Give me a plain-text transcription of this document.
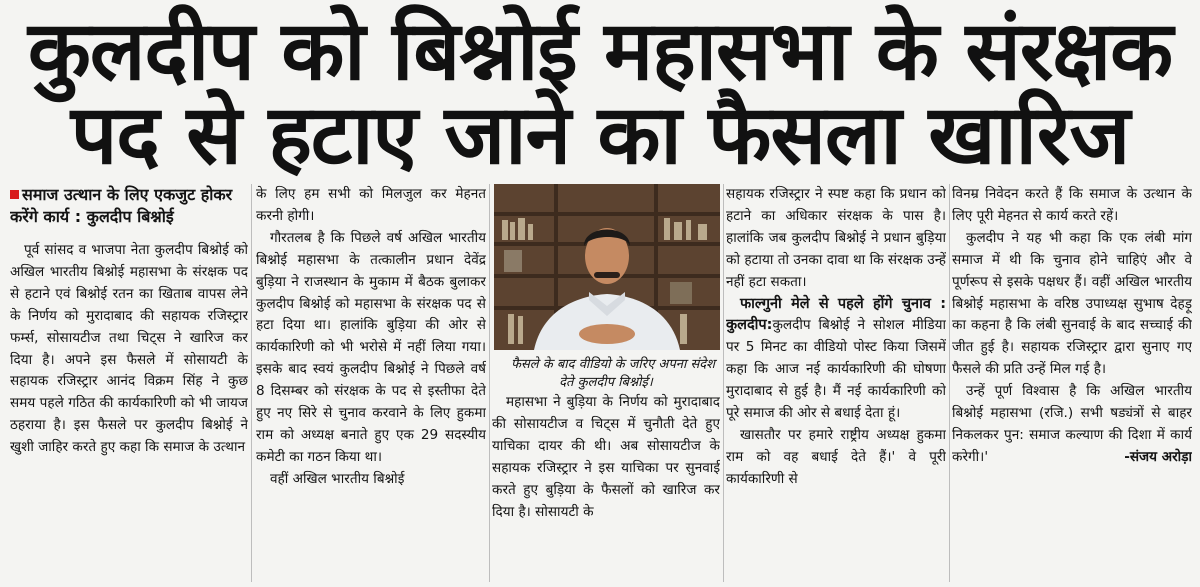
कुलदीप को बिश्नोई महासभा के संरक्षक
पद से हटाए जाने का फैसला खारिज
समाज उत्थान के लिए एकजुट होकर
करेंगे कार्य : कुलदीप बिश्नोई

पूर्व सांसद व भाजपा नेता कुलदीप बिश्नोई को अखिल भारतीय बिश्नोई महासभा के संरक्षक पद से हटाने एवं बिश्नोई रतन का खिताब वापस लेने के निर्णय को मुरादाबाद की सहायक रजिस्ट्रार फर्म्स, सोसायटीज तथा चिट्स ने खारिज कर दिया है। अपने इस फैसले में सोसायटी के सहायक रजिस्ट्रार आनंद विक्रम सिंह ने कुछ समय पहले गठित की कार्यकारिणी को भी जायज ठहराया है। इस फैसले पर कुलदीप बिश्नोई ने खुशी जाहिर करते हुए कहा कि समाज के उत्थान

के लिए हम सभी को मिलजुल कर मेहनत करनी होगी।

गौरतलब है कि पिछले वर्ष अखिल भारतीय बिश्नोई महासभा के तत्कालीन प्रधान देवेंद्र बुड़िया ने राजस्थान के मुकाम में बैठक बुलाकर कुलदीप बिश्नोई को महासभा के संरक्षक पद से हटा दिया था। हालांकि बुड़िया की ओर से कार्यकारिणी को भी भरोसे में नहीं लिया गया। इसके बाद स्वयं कुलदीप बिश्नोई ने पिछले वर्ष 8 दिसम्बर को संरक्षक के पद से इस्तीफा देते हुए नए सिरे से चुनाव करवाने के लिए हुकमा राम को अध्यक्ष बनाते हुए एक 29 सदस्यीय कमेटी का गठन किया था।

वहीं अखिल भारतीय बिश्नोई

फैसले के बाद वीडियो के जरिए अपना संदेश देते कुलदीप बिश्नोई।

महासभा ने बुड़िया के निर्णय को मुरादाबाद की सोसायटीज व चिट्स में चुनौती देते हुए याचिका दायर की थी। अब सोसायटीज के सहायक रजिस्ट्रार ने इस याचिका पर सुनवाई करते हुए बुड़िया के फैसलों को खारिज कर दिया है। सोसायटी के

सहायक रजिस्ट्रार ने स्पष्ट कहा कि प्रधान को हटाने का अधिकार संरक्षक के पास है। हालांकि जब कुलदीप बिश्नोई ने प्रधान बुड़िया को हटाया तो उनका दावा था कि संरक्षक उन्हें नहीं हटा सकता।

फाल्गुनी मेले से पहले होंगे चुनाव : कुलदीप:कुलदीप बिश्नोई ने सोशल मीडिया पर 5 मिनट का वीडियो पोस्ट किया जिसमें कहा कि आज नई कार्यकारिणी की घोषणा मुरादाबाद से हुई है। मैं नई कार्यकारिणी को पूरे समाज की ओर से बधाई देता हूं।

खासतौर पर हमारे राष्ट्रीय अध्यक्ष हुकमा राम को वह बधाई देते हैं।' वे पूरी कार्यकारिणी से

विनम्र निवेदन करते हैं कि समाज के उत्थान के लिए पूरी मेहनत से कार्य करते रहें।

कुलदीप ने यह भी कहा कि एक लंबी मांग समाज में थी कि चुनाव होने चाहिएं और वे पूर्णरूप से इसके पक्षधर हैं। वहीं अखिल भारतीय बिश्नोई महासभा के वरिष्ठ उपाध्यक्ष सुभाष देहड़ू का कहना है कि लंबी सुनवाई के बाद सच्चाई की जीत हुई है। सहायक रजिस्ट्रार द्वारा सुनाए गए फैसले की प्रति उन्हें मिल गई है।

उन्हें पूर्ण विश्वास है कि अखिल भारतीय बिश्नोई महासभा (रजि.) सभी षड्यंत्रों से बाहर निकलकर पुन: समाज कल्याण की दिशा में कार्य करेगी।'	-संजय अरोड़ा
